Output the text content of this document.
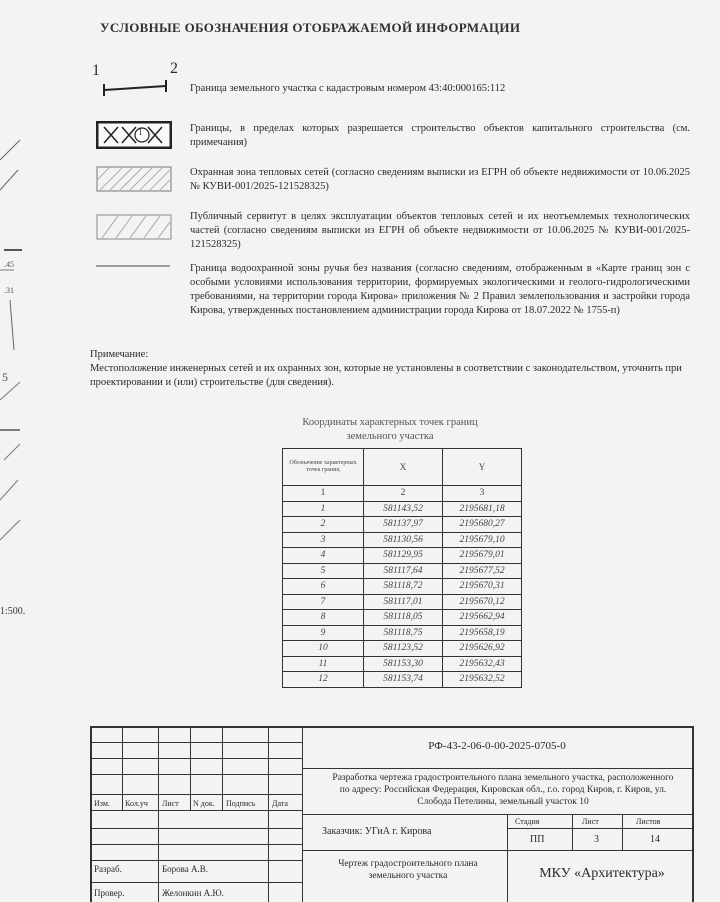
.45
.31
5
1:500.
УСЛОВНЫЕ ОБОЗНАЧЕНИЯ ОТОБРАЖАЕМОЙ ИНФОРМАЦИИ
1	2
Граница земельного участка с кадастровым номером 43:40:000165:112
1	Границы, в пределах которых разрешается строительство объектов капитального строительства (см. примечания)
Охранная зона тепловых сетей (согласно сведениям выписки из ЕГРН об объекте недвижимости от 10.06.2025 № КУВИ-001/2025-121528325)
Публичный сервитут в целях эксплуатации объектов тепловых сетей и их неотъемлемых технологических частей (согласно сведениям выписки из ЕГРН об объекте недвижимости от 10.06.2025 № КУВИ-001/2025-121528325)
Граница водоохранной зоны ручья без названия (согласно сведениям, отображенным в «Карте границ зон с особыми условиями использования территории, формируемых экологическими и геолого-гидрологическими требованиями, на территории города Кирова» приложения № 2 Правил землепользования и застройки города Кирова, утвержденных постановлением администрации города Кирова от 18.07.2022 № 1755-п)
Примечание:
Местоположение инженерных сетей и их охранных зон, которые не установлены в соответствии с законодательством, уточнить при проектировании и (или) строительстве (для сведения).
Координаты характерных точек границ земельного участка
Обозначение характерных точек границ	X	Y
1	2	3
1	581143,52	2195681,18
2	581137,97	2195680,27
3	581130,56	2195679,10
4	581129,95	2195679,01
5	581117,64	2195677,52
6	581118,72	2195670,31
7	581117,01	2195670,12
8	581118,05	2195662,94
9	581118,75	2195658,19
10	581123,52	2195626,92
11	581153,30	2195632,43
12	581153,74	2195632,52
Изм. Кол.уч Лист N док. Подпись Дата
Разраб.	Борова А.В.
Провер.	Желонкин А.Ю.
РФ-43-2-06-0-00-2025-0705-0
Разработка чертежа градостроительного плана земельного участка, расположенного по адресу: Российская Федерация, Кировская обл., г.о. город Киров, г. Киров, ул. Слобода Петелины, земельный участок 10
Заказчик: УГиА г. Кирова
Стадия	Лист	Листов
ПП	3	14
Чертеж градостроительного плана земельного участка	МКУ «Архитектура»
